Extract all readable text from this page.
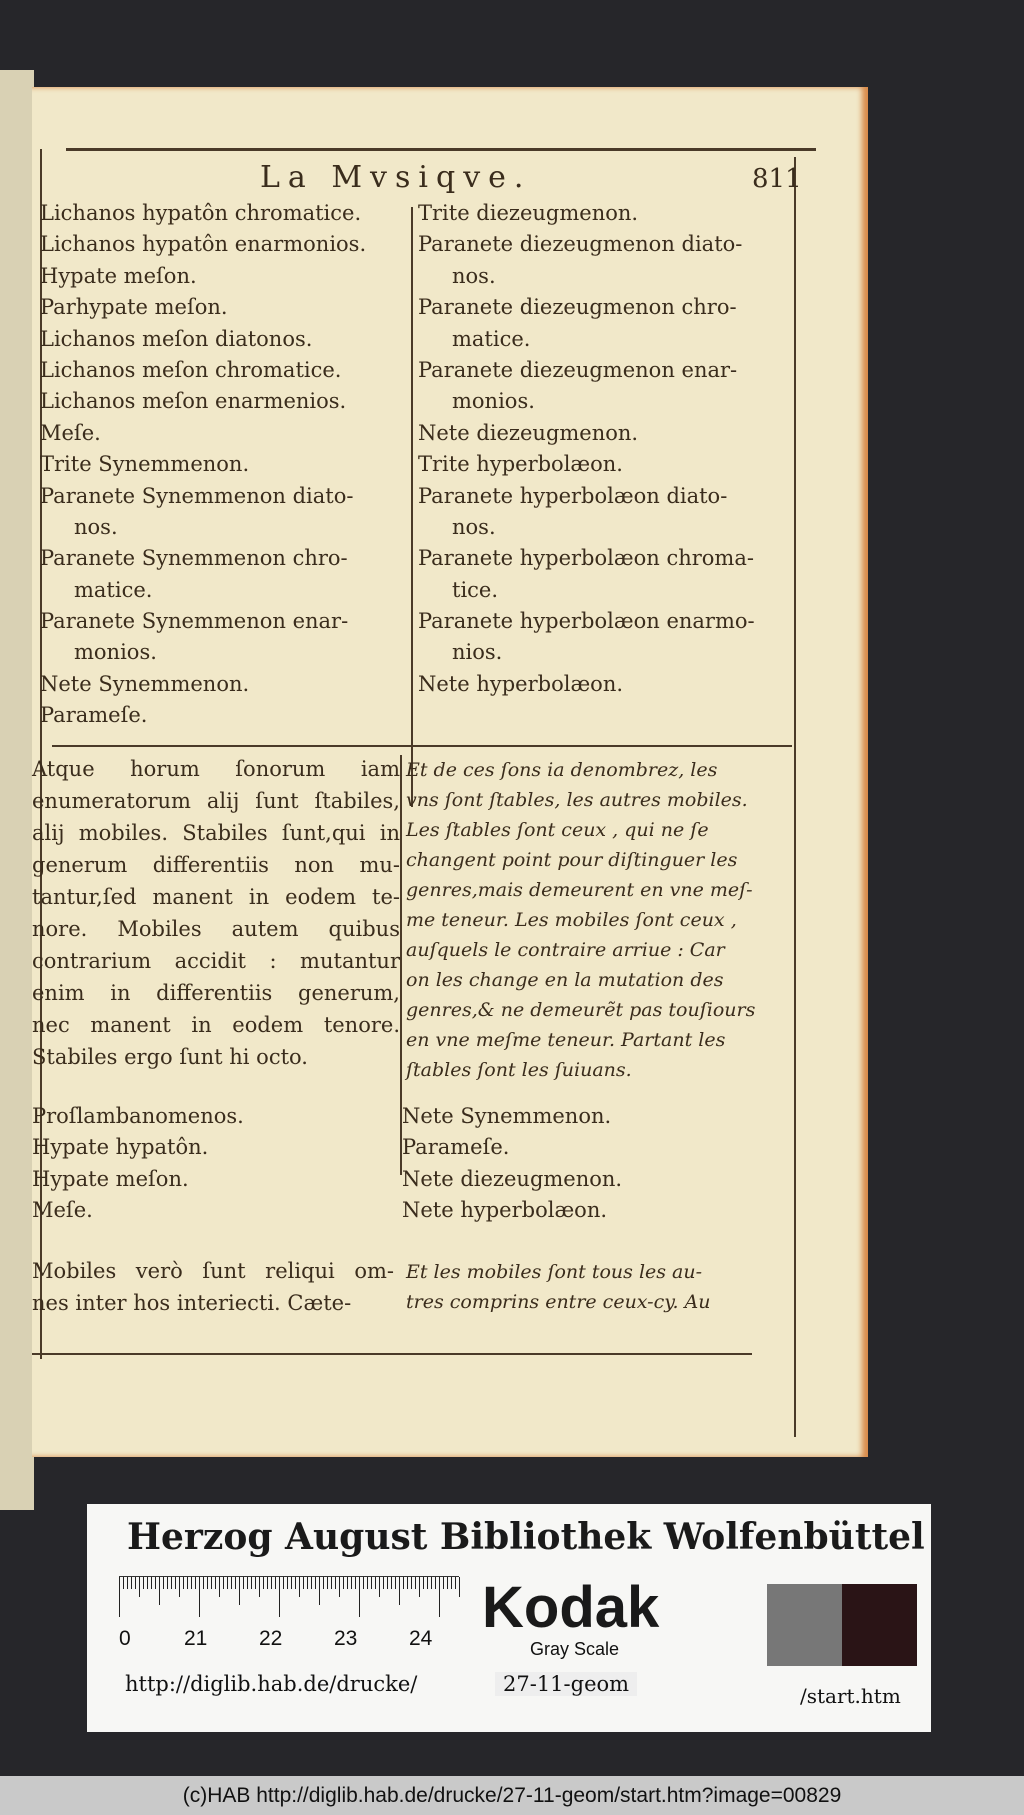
Lichanos hypatôn chromatice.
Lichanos hypatôn enarmonios.
Hypate meſon.
Parhypate meſon.
Lichanos meſon diatonos.
Lichanos meſon chromatice.
Lichanos meſon enarmenios.
Meſe.
Trite Synemmenon.
Paranete Synemmenon diato-
nos.
Paranete Synemmenon chro-
matice.
Paranete Synemmenon enar-
monios.
Nete Synemmenon.
Parameſe.
Trite diezeugmenon.
Paranete diezeugmenon diato-
nos.
Paranete diezeugmenon chro-
matice.
Paranete diezeugmenon enar-
monios.
Nete diezeugmenon.
Trite hyperbolæon.
Paranete hyperbolæon diato-
nos.
Paranete hyperbolæon chroma-
tice.
Paranete hyperbolæon enarmo-
nios.
Nete hyperbolæon.
Atque horum ſonorum iam
enumeratorum alij ſunt ſtabiles,
alij mobiles. Stabiles ſunt,qui in
generum differentiis non mu-
tantur,ſed manent in eodem te-
nore. Mobiles autem quibus
contrarium accidit : mutantur
enim in differentiis generum,
nec manent in eodem tenore.
Stabiles ergo ſunt hi octo.
Et de ces ſons ia denombrez, les
vns ſont ſtables, les autres mobiles.
Les ſtables ſont ceux , qui ne ſe
changent point pour diſtinguer les
genres,mais demeurent en vne meſ-
me teneur. Les mobiles ſont ceux ,
auſquels le contraire arriue : Car
on les change en la mutation des
genres,& ne demeurẽt pas touſiours
en vne meſme teneur. Partant les
ſtables ſont les ſuiuans.
Proſlambanomenos.
Hypate hypatôn.
Hypate meſon.
Meſe.
Nete Synemmenon.
Parameſe.
Nete diezeugmenon.
Nete hyperbolæon.
Mobiles verò ſunt reliqui om-
nes inter hos interiecti. Cæte-
Et les mobiles ſont tous les au-
tres comprins entre ceux-cy. Au
La Mvsiqve.	811
Herzog August Bibliothek Wolfenbüttel
0	21 22 23 24 Kodak
Gray Scale
http://diglib.hab.de/drucke/	27-11-geom	/start.htm
(c)HAB http://diglib.hab.de/drucke/27-11-geom/start.htm?image=00829
